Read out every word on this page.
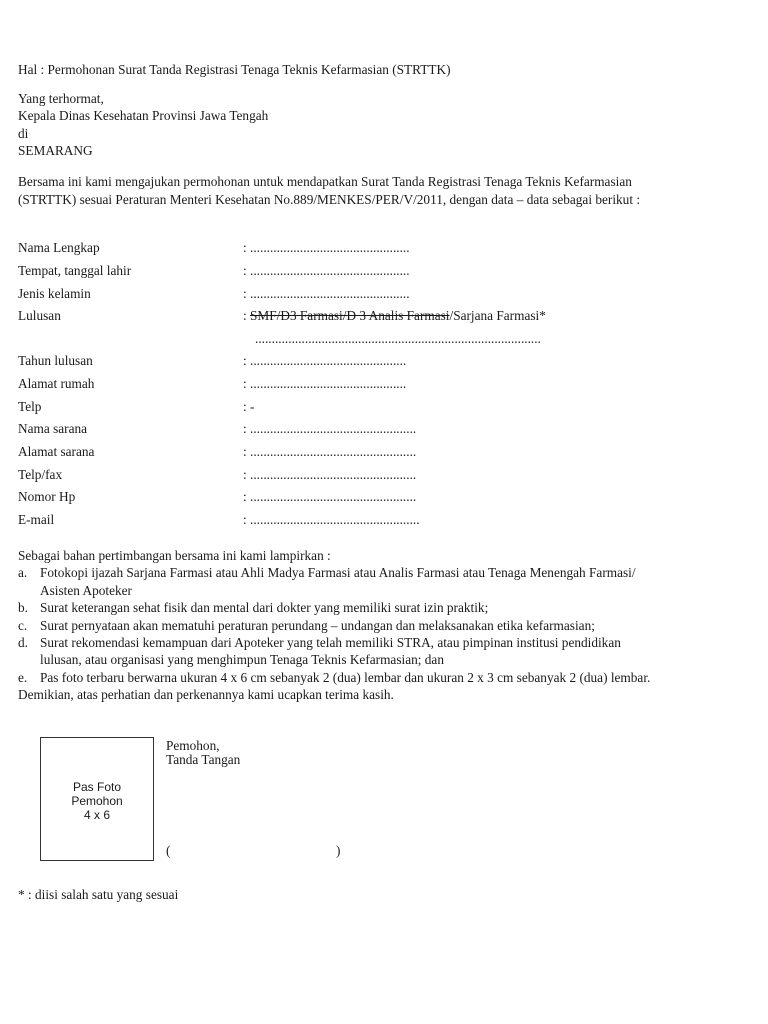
Hal : Permohonan Surat Tanda Registrasi Tenaga Teknis Kefarmasian (STRTTK)
Yang terhormat,
Kepala Dinas Kesehatan Provinsi Jawa Tengah
di
SEMARANG
Bersama ini kami mengajukan permohonan untuk mendapatkan Surat Tanda Registrasi Tenaga Teknis Kefarmasian
(STRTTK) sesuai Peraturan Menteri Kesehatan No.889/MENKES/PER/V/2011, dengan data – data sebagai berikut :
Nama Lengkap	: ................................................
Tempat, tanggal lahir	: ................................................
Jenis kelamin	: ................................................
Lulusan	: SMF/D3 Farmasi/D 3 Analis Farmasi/Sarjana Farmasi*
......................................................................................
Tahun lulusan	: ...............................................
Alamat rumah	: ...............................................
Telp	: -
Nama sarana	: ..................................................
Alamat sarana	: ..................................................
Telp/fax	: ..................................................
Nomor Hp	: ..................................................
E-mail	: ...................................................
Sebagai bahan pertimbangan bersama ini kami lampirkan :
a. Fotokopi ijazah Sarjana Farmasi atau Ahli Madya Farmasi atau Analis Farmasi atau Tenaga Menengah Farmasi/
Asisten Apoteker
b. Surat keterangan sehat fisik dan mental dari dokter yang memiliki surat izin praktik;
c. Surat pernyataan akan mematuhi peraturan perundang – undangan dan melaksanakan etika kefarmasian;
d. Surat rekomendasi kemampuan dari Apoteker yang telah memiliki STRA, atau pimpinan institusi pendidikan
lulusan, atau organisasi yang menghimpun Tenaga Teknis Kefarmasian; dan
e. Pas foto terbaru berwarna ukuran 4 x 6 cm sebanyak 2 (dua) lembar dan ukuran 2 x 3 cm sebanyak 2 (dua) lembar.
Demikian, atas perhatian dan perkenannya kami ucapkan terima kasih.
Pas Foto
Pemohon
4 x 6
Pemohon,
Tanda Tangan
(	)
* : diisi salah satu yang sesuai
